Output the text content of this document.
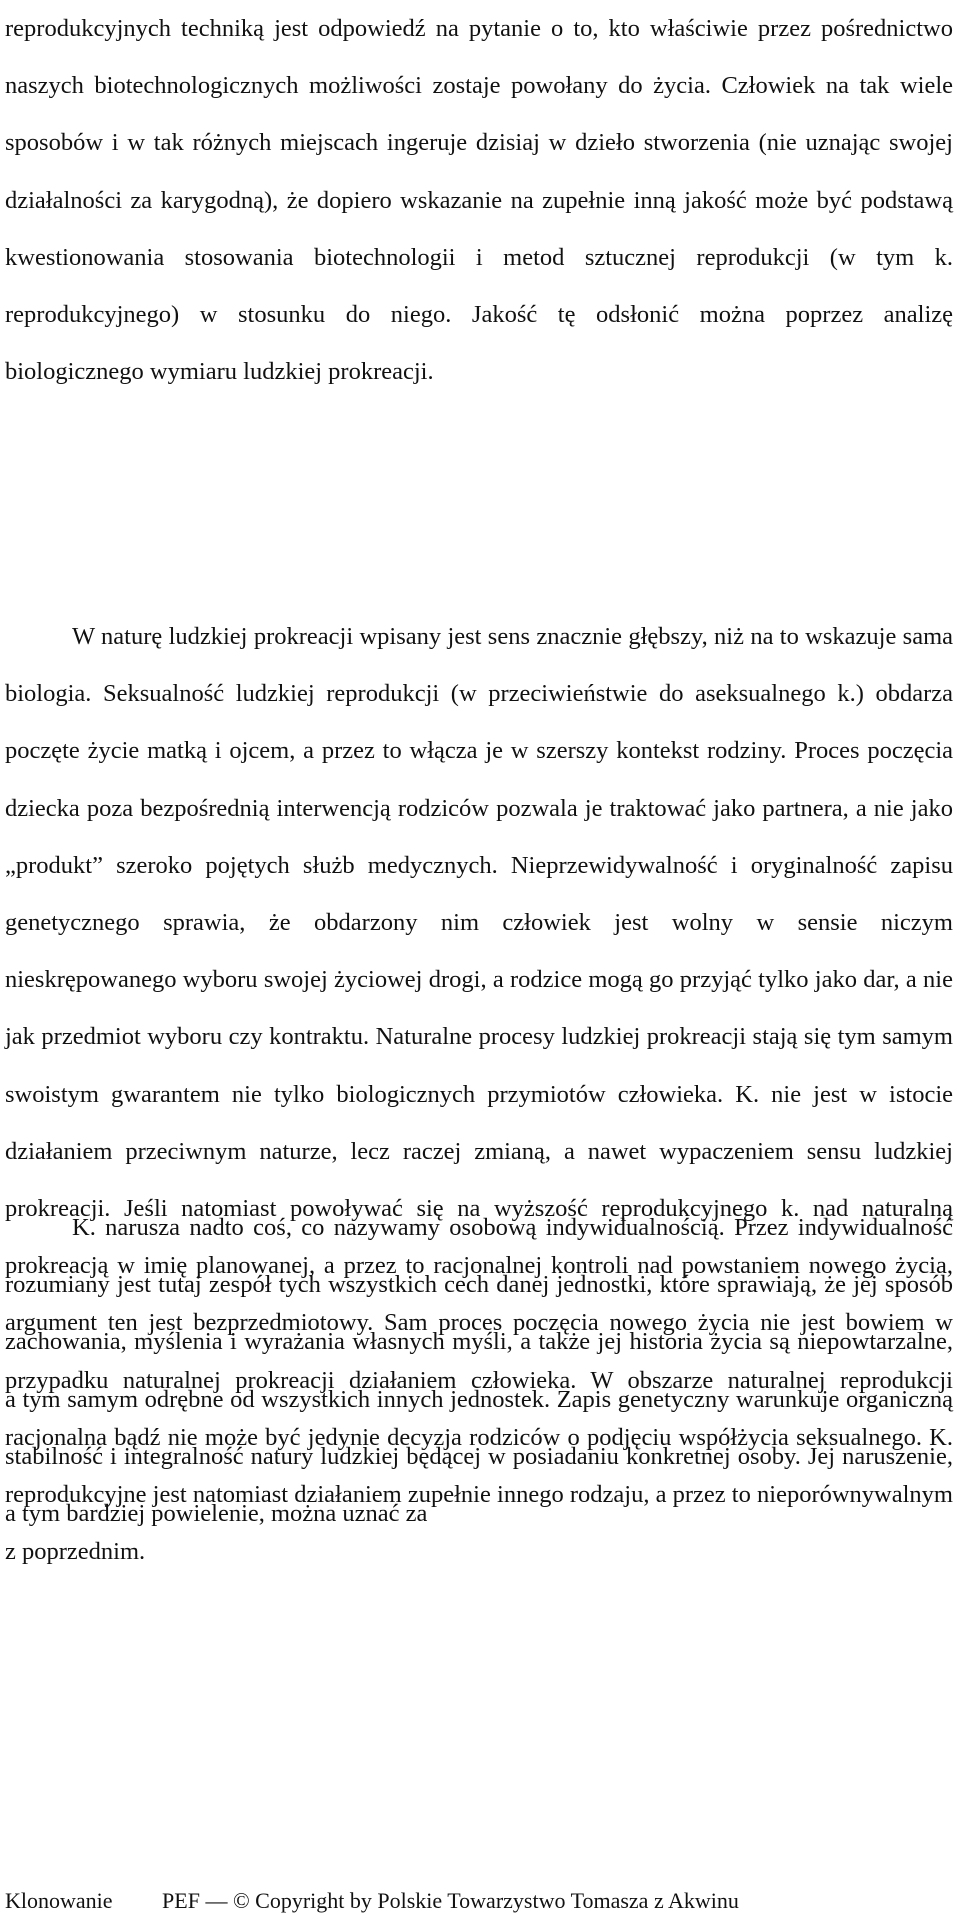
reprodukcyjnych techniką jest odpowiedź na pytanie o to, kto właściwie przez pośrednictwo naszych biotechnologicznych możliwości zostaje powołany do życia. Człowiek na tak wiele sposobów i w tak różnych miejscach ingeruje dzisiaj w dzieło stworzenia (nie uznając swojej działalności za karygodną), że dopiero wskazanie na zupełnie inną jakość może być podstawą kwestionowania stosowania biotechnologii i metod sztucznej reprodukcji (w tym k. reprodukcyjnego) w stosunku do niego. Jakość tę odsłonić można poprzez analizę biologicznego wymiaru ludzkiej prokreacji.

W naturę ludzkiej prokreacji wpisany jest sens znacznie głębszy, niż na to wskazuje sama biologia. Seksualność ludzkiej reprodukcji (w przeciwieństwie do aseksualnego k.) obdarza poczęte życie matką i ojcem, a przez to włącza je w szerszy kontekst rodziny. Proces poczęcia dziecka poza bezpośrednią interwencją rodziców pozwala je traktować jako partnera, a nie jako „produkt” szeroko pojętych służb medycznych. Nieprzewidywalność i oryginalność zapisu genetycznego sprawia, że obdarzony nim człowiek jest wolny w sensie niczym nieskrępowanego wyboru swojej życiowej drogi, a rodzice mogą go przyjąć tylko jako dar, a nie jak przedmiot wyboru czy kontraktu. Naturalne procesy ludzkiej prokreacji stają się tym samym swoistym gwarantem nie tylko biologicznych przymiotów człowieka. K. nie jest w istocie działaniem przeciwnym naturze, lecz raczej zmianą, a nawet wypaczeniem sensu ludzkiej prokreacji. Jeśli natomiast powoływać się na wyższość reprodukcyjnego k. nad naturalną prokreacją w imię planowanej, a przez to racjonalnej kontroli nad powstaniem nowego życia, argument ten jest bezprzedmiotowy. Sam proces poczęcia nowego życia nie jest bowiem w przypadku naturalnej prokreacji działaniem człowieka. W obszarze naturalnej reprodukcji racjonalna bądź nie może być jedynie decyzja rodziców o podjęciu współżycia seksualnego. K. reprodukcyjne jest natomiast działaniem zupełnie innego rodzaju, a przez to nieporównywalnym z poprzednim.

K. narusza nadto coś, co nazywamy osobową indywidualnością. Przez indywidualność rozumiany jest tutaj zespół tych wszystkich cech danej jednostki, które sprawiają, że jej sposób zachowania, myślenia i wyrażania własnych myśli, a także jej historia życia są niepowtarzalne, a tym samym odrębne od wszystkich innych jednostek. Zapis genetyczny warunkuje organiczną stabilność i integralność natury ludzkiej będącej w posiadaniu konkretnej osoby. Jej naruszenie, a tym bardziej powielenie, można uznać za

Klonowanie PEF — © Copyright by Polskie Towarzystwo Tomasza z Akwinu
